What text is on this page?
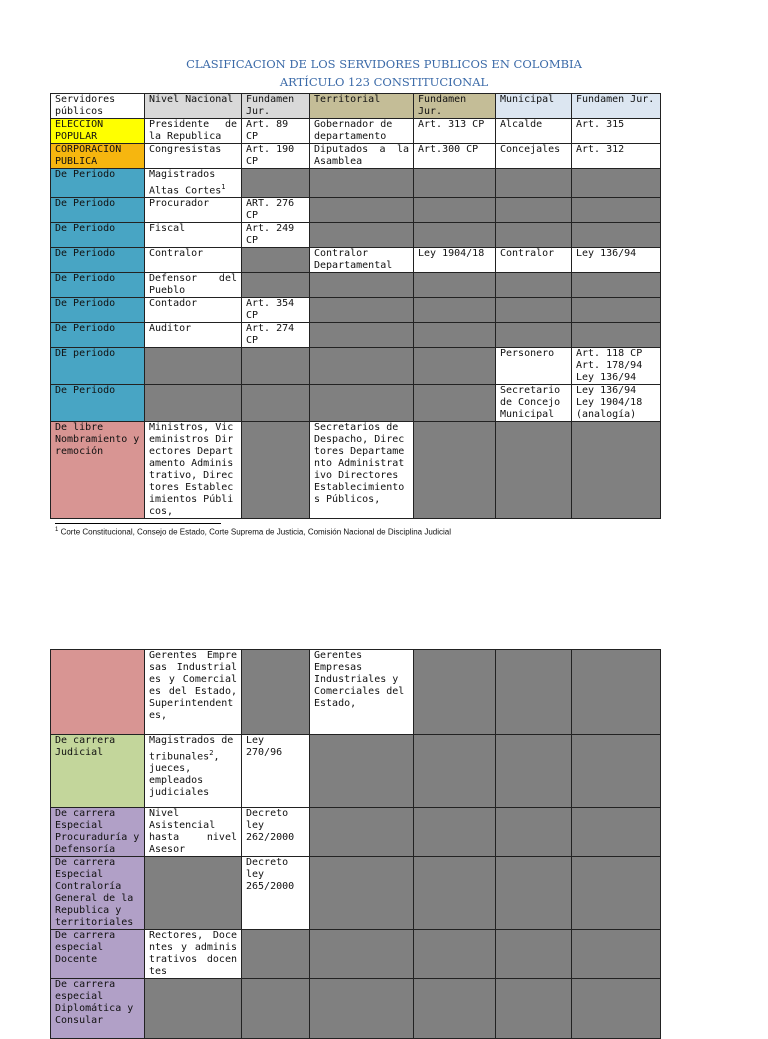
CLASIFICACION DE LOS SERVIDORES PUBLICOS EN COLOMBIA
ARTÍCULO 123 CONSTITUCIONAL
Servidores públicos	Nivel Nacional	Fundamen Jur.	Territorial	Fundamen Jur.	Municipal	Fundamen Jur.
ELECCION POPULAR	Presidente de la Republica	Art. 89 CP	Gobernador de departamento	Art. 313 CP	Alcalde	Art. 315
CORPORACION PUBLICA	Congresistas	Art. 190 CP	Diputados a la Asamblea	Art.300 CP	Concejales	Art. 312
De Periodo	Magistrados Altas Cortes$^1$					
De Periodo	Procurador	ART. 276 CP				
De Periodo	Fiscal	Art. 249 CP				
De Periodo	Contralor		Contralor Departamental	Ley 1904/18	Contralor	Ley 136/94
De Periodo	Defensor del Pueblo					
De Periodo	Contador	Art. 354 CP				
De Periodo	Auditor	Art. 274 CP				
DE periodo					Personero	Art. 118 CP Art. 178/94 Ley 136/94
De Periodo					Secretario de Concejo Municipal	Ley 136/94 Ley 1904/18 (analogía)
De libre Nombramiento y remoción	Ministros, Viceministros Directores Departamento Administrativo, Directores Establecimientos Públicos,		Secretarios de Despacho, Directores Departamento Administrativo Directores Establecimientos Públicos,			
$^1$ Corte Constitucional, Consejo de Estado, Corte Suprema de Justicia, Comisión Nacional de Disciplina Judicial
	Gerentes Empresas Industriales y Comerciales del Estado, Superintendentes,		Gerentes Empresas Industriales y Comerciales del Estado,			
De carrera Judicial	Magistrados de tribunales$^2$, jueces, empleados judiciales	Ley 270/96				
De carrera Especial Procuraduría y Defensoría	Nivel Asistencial hasta nivel Asesor	Decreto ley 262/2000				
De carrera Especial Contraloría General de la Republica y territoriales		Decreto ley 265/2000				
De carrera especial Docente	Rectores, Docentes y administrativos docentes					
De carrera especial Diplomática y Consular						
